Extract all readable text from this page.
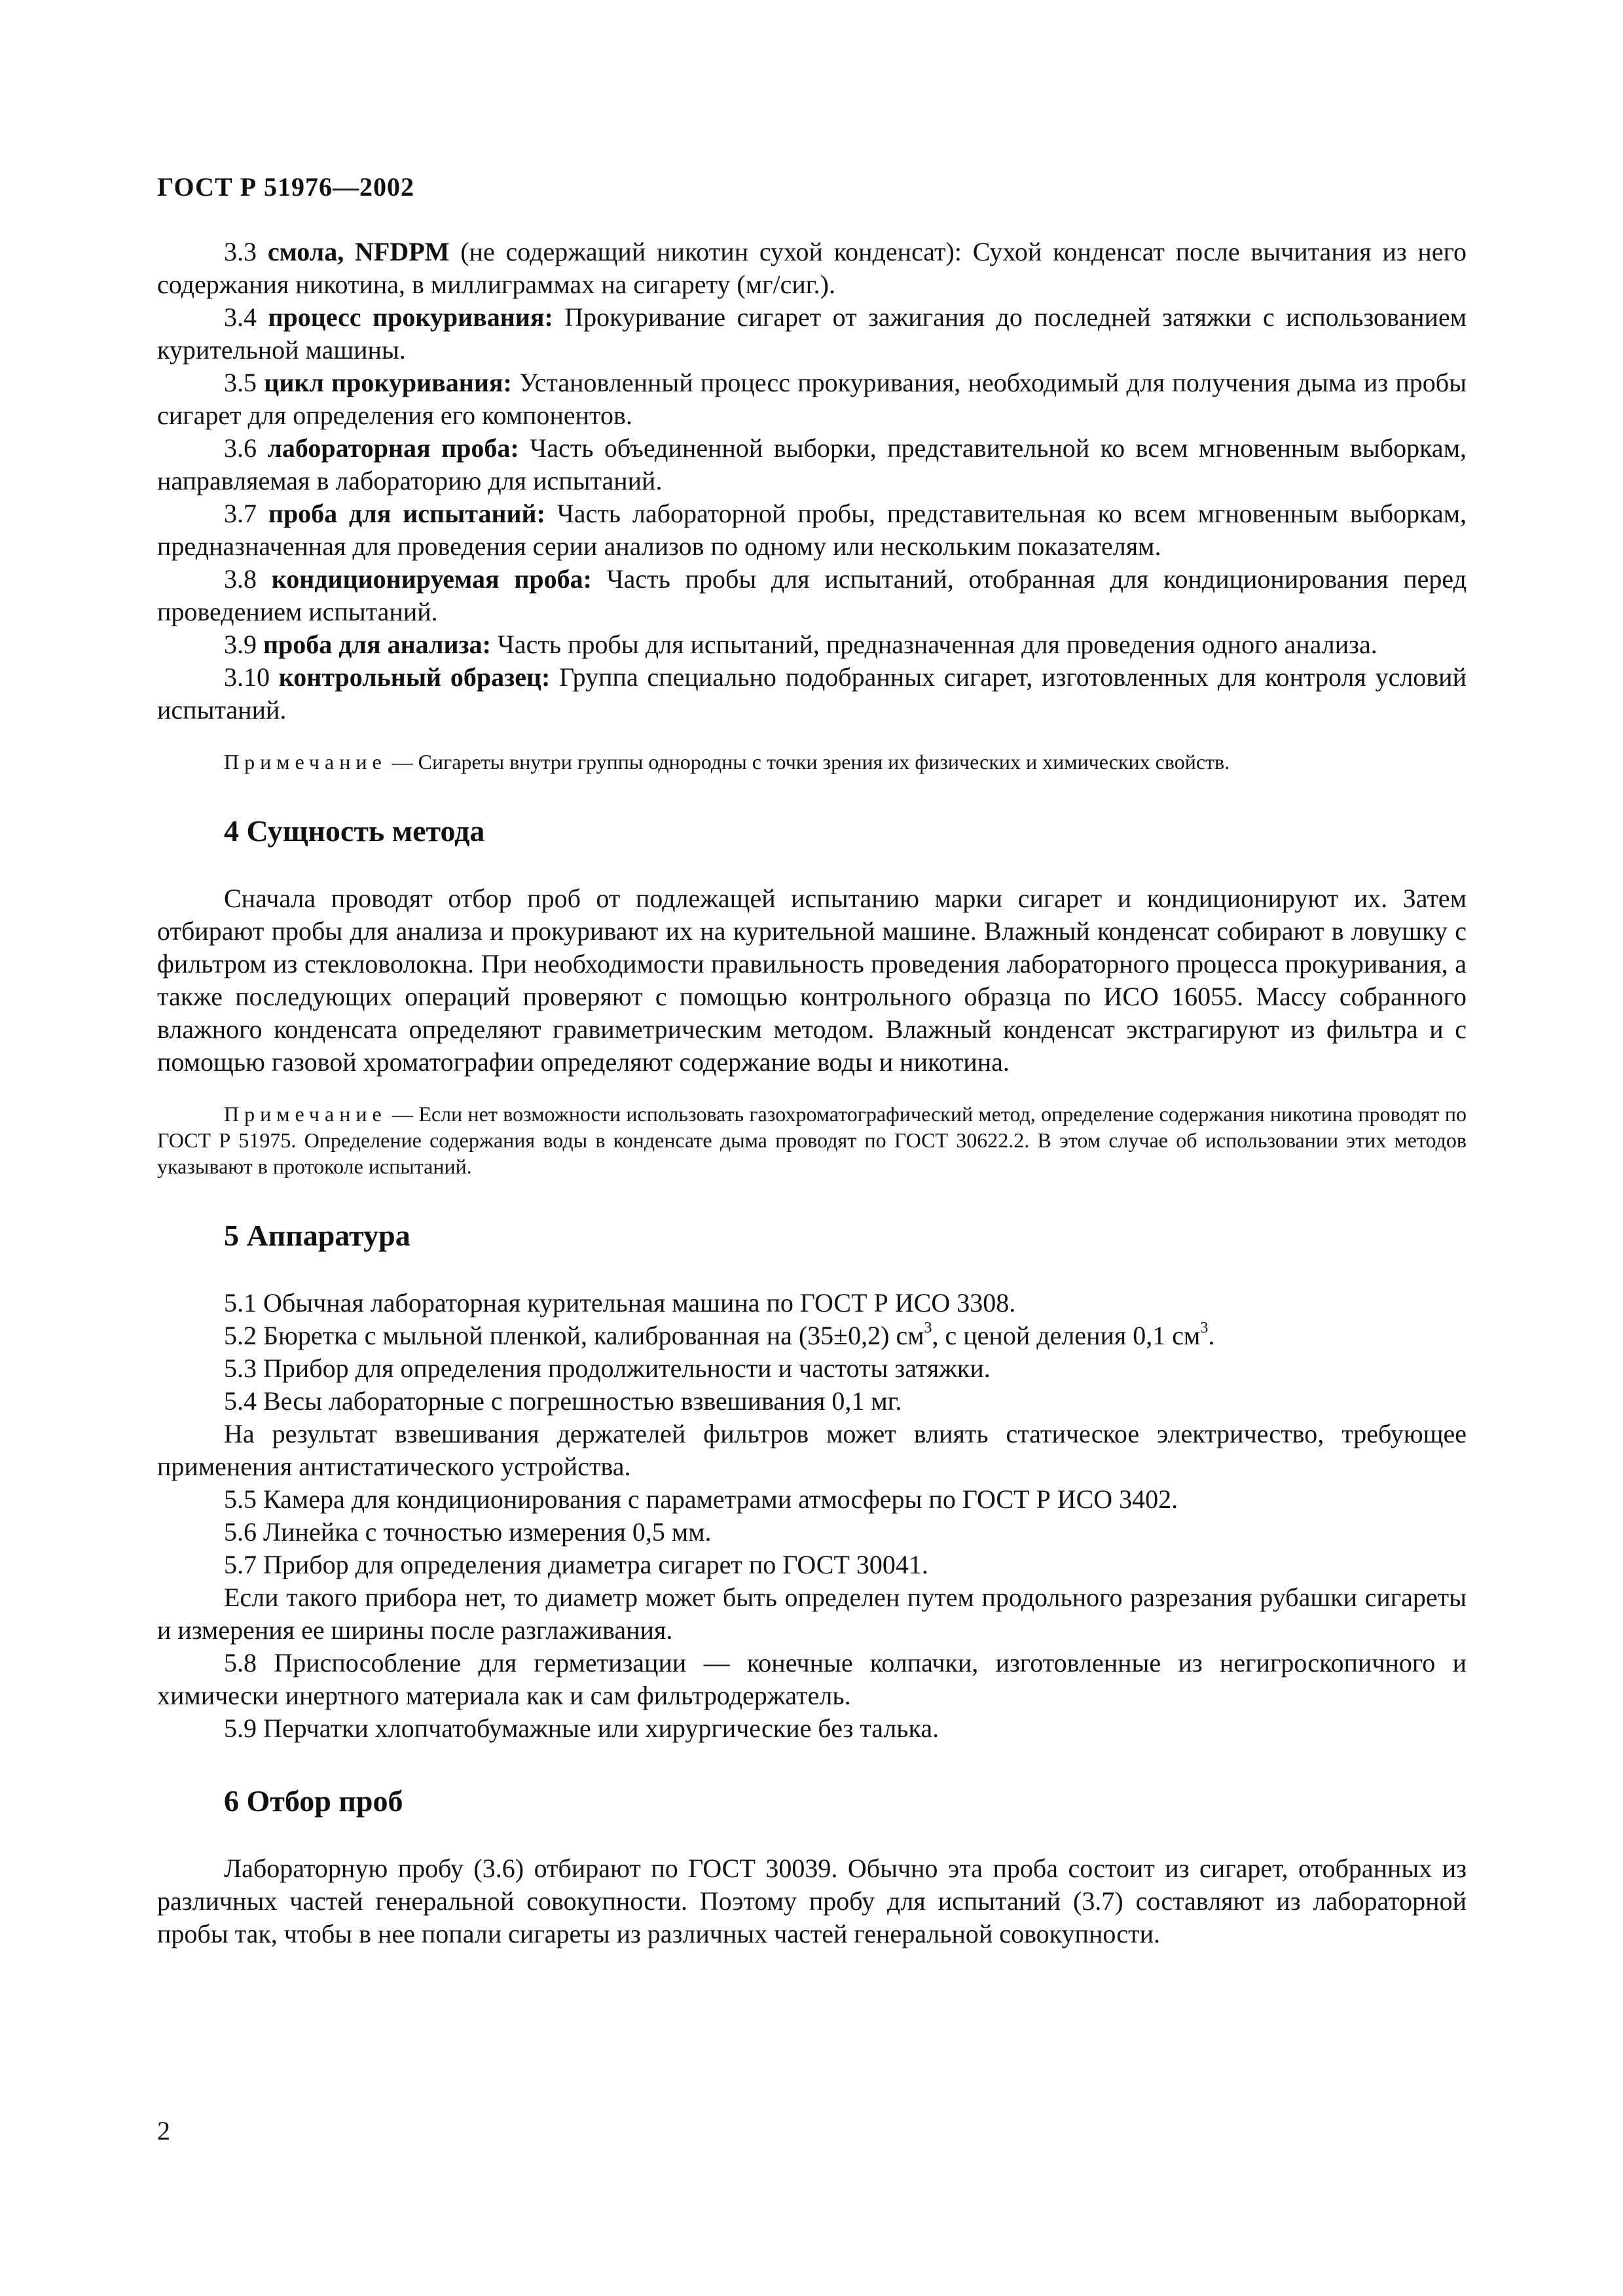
ГОСТ Р 51976—2002

3.3 смола, NFDPM (не содержащий никотин сухой конденсат): Сухой конденсат после вычитания из него содержания никотина, в миллиграммах на сигарету (мг/сиг.).

3.4 процесс прокуривания: Прокуривание сигарет от зажигания до последней затяжки с использованием курительной машины.

3.5 цикл прокуривания: Установленный процесс прокуривания, необходимый для получения дыма из пробы сигарет для определения его компонентов.

3.6 лабораторная проба: Часть объединенной выборки, представительной ко всем мгновенным выборкам, направляемая в лабораторию для испытаний.

3.7 проба для испытаний: Часть лабораторной пробы, представительная ко всем мгновенным выборкам, предназначенная для проведения серии анализов по одному или нескольким показателям.

3.8 кондиционируемая проба: Часть пробы для испытаний, отобранная для кондиционирования перед проведением испытаний.

3.9 проба для анализа: Часть пробы для испытаний, предназначенная для проведения одного анализа.

3.10 контрольный образец: Группа специально подобранных сигарет, изготовленных для контроля условий испытаний.

Примечание — Сигареты внутри группы однородны с точки зрения их физических и химических свойств.

4 Сущность метода

Сначала проводят отбор проб от подлежащей испытанию марки сигарет и кондиционируют их. Затем отбирают пробы для анализа и прокуривают их на курительной машине. Влажный конденсат собирают в ловушку с фильтром из стекловолокна. При необходимости правильность проведения лабораторного процесса прокуривания, а также последующих операций проверяют с помощью контрольного образца по ИСО 16055. Массу собранного влажного конденсата определяют гравиметрическим методом. Влажный конденсат экстрагируют из фильтра и с помощью газовой хроматографии определяют содержание воды и никотина.

Примечание — Если нет возможности использовать газохроматографический метод, определение содержания никотина проводят по ГОСТ Р 51975. Определение содержания воды в конденсате дыма проводят по ГОСТ 30622.2. В этом случае об использовании этих методов указывают в протоколе испытаний.

5 Аппаратура

5.1 Обычная лабораторная курительная машина по ГОСТ Р ИСО 3308.

5.2 Бюретка с мыльной пленкой, калиброванная на (35±0,2) $см^3$, с ценой деления 0,1 $см^3$.

5.3 Прибор для определения продолжительности и частоты затяжки.

5.4 Весы лабораторные с погрешностью взвешивания 0,1 мг.

На результат взвешивания держателей фильтров может влиять статическое электричество, требующее применения антистатического устройства.

5.5 Камера для кондиционирования с параметрами атмосферы по ГОСТ Р ИСО 3402.

5.6 Линейка с точностью измерения 0,5 мм.

5.7 Прибор для определения диаметра сигарет по ГОСТ 30041.

Если такого прибора нет, то диаметр может быть определен путем продольного разрезания рубашки сигареты и измерения ее ширины после разглаживания.

5.8 Приспособление для герметизации — конечные колпачки, изготовленные из негигроскопичного и химически инертного материала как и сам фильтродержатель.

5.9 Перчатки хлопчатобумажные или хирургические без талька.

6 Отбор проб

Лабораторную пробу (3.6) отбирают по ГОСТ 30039. Обычно эта проба состоит из сигарет, отобранных из различных частей генеральной совокупности. Поэтому пробу для испытаний (3.7) составляют из лабораторной пробы так, чтобы в нее попали сигареты из различных частей генеральной совокупности.

2
